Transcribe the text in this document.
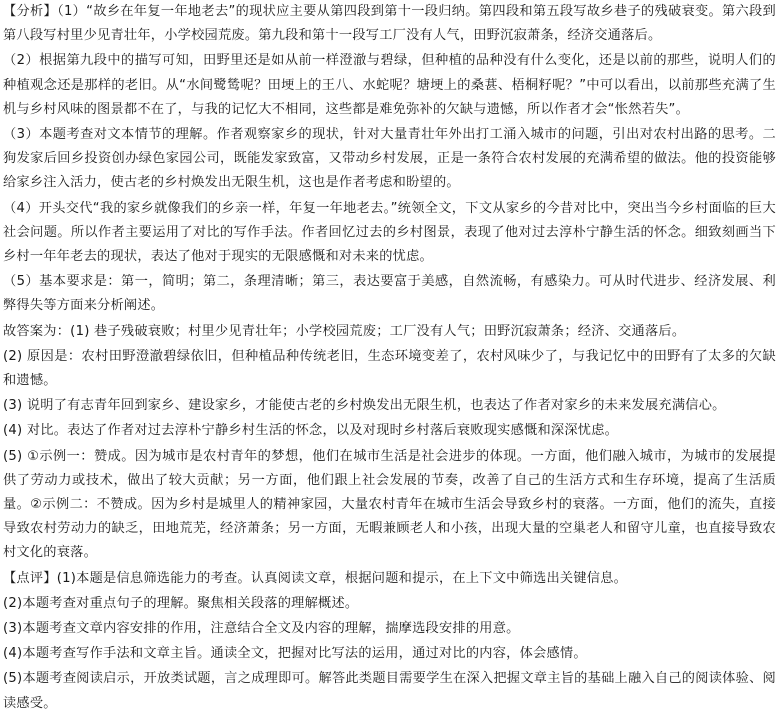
【分析】（1）“故乡在年复一年地老去”的现状应主要从第四段到第十一段归纳。第四段和第五段写故乡巷子的残破衰变。第六段到第八段写村里少见青壮年，小学校园荒废。第九段和第十一段写工厂没有人气，田野沉寂萧条，经济交通落后。

（2）根据第九段中的描写可知，田野里还是如从前一样澄澈与碧绿，但种植的品种没有什么变化，还是以前的那些，说明人们的种植观念还是那样的老旧。从“水间鹭鸶呢？田埂上的王八、水蛇呢？塘埂上的桑葚、梧桐籽呢？”中可以看出，以前那些充满了生机与乡村风味的图景都不在了，与我的记忆大不相同，这些都是难免弥补的欠缺与遗憾，所以作者才会“怅然若失”。

（3）本题考查对文本情节的理解。作者观察家乡的现状，针对大量青壮年外出打工涌入城市的问题，引出对农村出路的思考。二狗发家后回乡投资创办绿色家园公司，既能发家致富，又带动乡村发展，正是一条符合农村发展的充满希望的做法。他的投资能够给家乡注入活力，使古老的乡村焕发出无限生机，这也是作者考虑和盼望的。

（4）开头交代“我的家乡就像我们的乡亲一样，年复一年地老去。”统领全文，下文从家乡的今昔对比中，突出当今乡村面临的巨大社会问题。所以作者主要运用了对比的写作手法。作者回忆过去的乡村图景，表现了他对过去淳朴宁静生活的怀念。细致刻画当下乡村一年年老去的现状，表达了他对于现实的无限感慨和对未来的忧虑。

（5）基本要求是：第一，简明；第二，条理清晰；第三，表达要富于美感，自然流畅，有感染力。可从时代进步、经济发展、利弊得失等方面来分析阐述。

故答案为：(1) 巷子残破衰败；村里少见青壮年；小学校园荒废；工厂没有人气；田野沉寂萧条；经济、交通落后。

(2) 原因是：农村田野澄澈碧绿依旧，但种植品种传统老旧，生态环境变差了，农村风味少了，与我记忆中的田野有了太多的欠缺和遗憾。

(3) 说明了有志青年回到家乡、建设家乡，才能使古老的乡村焕发出无限生机，也表达了作者对家乡的未来发展充满信心。

(4) 对比。表达了作者对过去淳朴宁静乡村生活的怀念，以及对现时乡村落后衰败现实感慨和深深忧虑。

(5) ①示例一：赞成。因为城市是农村青年的梦想，他们在城市生活是社会进步的体现。一方面，他们融入城市，为城市的发展提供了劳动力或技术，做出了较大贡献；另一方面，他们跟上社会发展的节奏，改善了自己的生活方式和生存环境，提高了生活质量。②示例二：不赞成。因为乡村是城里人的精神家园，大量农村青年在城市生活会导致乡村的衰落。一方面，他们的流失，直接导致农村劳动力的缺乏，田地荒芜，经济萧条；另一方面，无暇兼顾老人和小孩，出现大量的空巢老人和留守儿童，也直接导致农村文化的衰落。

【点评】(1)本题是信息筛选能力的考查。认真阅读文章，根据问题和提示，在上下文中筛选出关键信息。

(2)本题考查对重点句子的理解。聚焦相关段落的理解概述。

(3)本题考查文章内容安排的作用，注意结合全文及内容的理解，揣摩选段安排的用意。

(4)本题考查写作手法和文章主旨。通读全文，把握对比写法的运用，通过对比的内容，体会感情。

(5)本题考查阅读启示，开放类试题，言之成理即可。解答此类题目需要学生在深入把握文章主旨的基础上融入自己的阅读体验、阅读感受。
